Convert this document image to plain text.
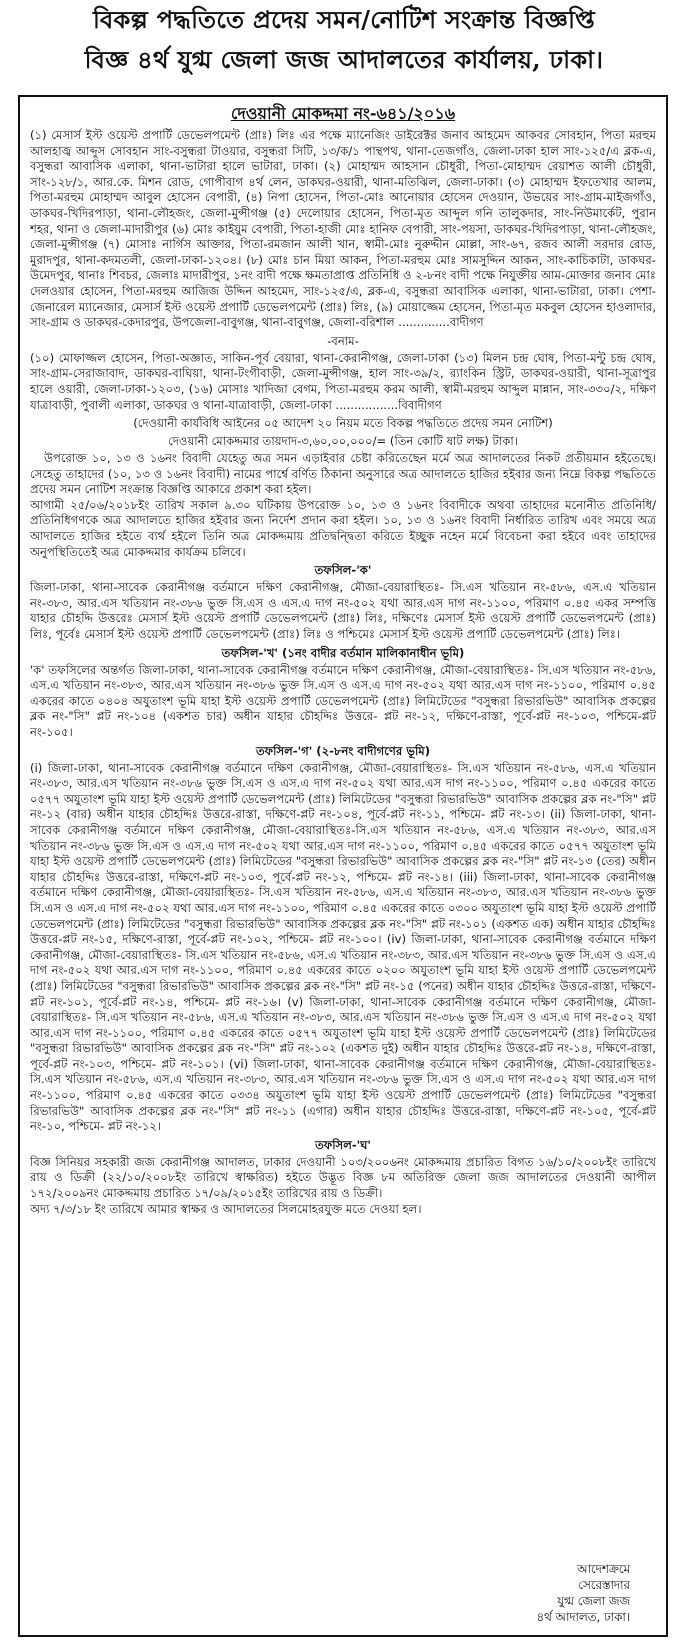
বিকল্প পদ্ধতিতে প্রদেয় সমন/নোটিশ সংক্রান্ত বিজ্ঞপ্তি
বিজ্ঞ ৪র্থ যুগ্ম জেলা জজ আদালতের কার্যালয়, ঢাকা।
দেওয়ানী মোকদ্দমা নং-৬৪১/২০১৬

(১) মেসার্স ইস্ট ওয়েস্ট প্রপার্টি ডেভেলপমেন্ট (প্রাঃ) লিঃ এর পক্ষে ম্যানেজিং ডাইরেক্টর জনাব আহমেদ আকবর সোবহান, পিতা মরহুম আলহাজ্ব আব্দুস সোবহান সাং-বসুন্ধরা টাওয়ার, বসুন্ধরা সিটি, ১৩/ক/১ পান্থপথ, থানা-তেজগাঁও, জেলা-ঢাকা হাল সাং-১২৫/এ ব্লক-এ, বসুন্ধরা আবাসিক এলাকা, থানা-ভাটারা হালে ভাটারা, ঢাকা। (২) মোহাম্মদ আহসান চৌধুরী, পিতা-মোহাম্মদ রেয়াশত আলী চৌধুরী, সাং-১২৮/১, আর.কে. মিশন রোড, গোপীবাগ ৪র্থ লেন, ডাকঘর-ওয়ারী, থানা-মতিঝিল, জেলা-ঢাকা। (৩) মোহাম্মদ ইফতেখার আলম, পিতা-মরহুম মোহাম্মদ আবুল হোসেন বেপারী, (৪) নিপা হোসেন, পিতা-মোঃ আনোয়ার হোসেন দেওয়ান, উভয়ের সাং-গ্রাম-মাইজগাঁও, ডাকঘর-খিদিরপাড়া, থানা-লৌহজং, জেলা-মুন্সীগঞ্জ (৫) দেলোয়ার হোসেন, পিতা-মৃত আব্দুল গনি তালুকদার, সাং-নিউমার্কেট, পুরান শহর, থানা ও জেলা-মাদারীপুর (৬) মোঃ কাইয়ুম বেপারী, পিতা-হাজী মোঃ হানিফ বেপারী, সাং-পয়সা, ডাকঘর-খিদিরপাড়া, থানা-লৌহজং, জেলা-মুন্সীগঞ্জ (৭) মোসাঃ নার্গিস আক্তার, পিতা-রমজান আলী খান, স্বামী-মোঃ নুরুদ্দীন মোল্লা, সাং-৬৭, রজব আলী সরদার রোড, মুরাদপুর, থানা-কদমতলী, জেলা-ঢাকা-১২০৪। (৮) মোঃ চান মিয়া আকন, পিতা-মরহুম মোঃ সামসুদ্দিন আকন, সাং-কাচিকাটা, ডাকঘর-উমেদপুর, থানাঃ শিবচর, জেলাঃ মাদারীপুর, ১নং বাদী পক্ষে ক্ষমতাপ্রাপ্ত প্রতিনিধি ও ২-৮নং বাদী পক্ষে নিযুক্তীয় আম-মোক্তার জনাব মোঃ দেলওয়ার হোসেন, পিতা-মরহুম আজিজ উদ্দিন আহমেদ, সাং-১২৫/এ, ব্লক-এ, বসুন্ধরা আবাসিক এলাকা, থানা-ভাটারা, ঢাকা। পেশা-জেনারেল ম্যানেজার, মেসার্স ইস্ট ওয়েস্ট প্রপার্টি ডেভেলপমেন্ট (প্রাঃ) লিঃ, (৯) মোয়াজ্জেম হোসেন, পিতা-মৃত মকবুল হোসেন হাওলাদার, সাং-গ্রাম ও ডাকঘর-কেদারপুর, উপজেলা-বাবুগঞ্জ, থানা-বাবুগঞ্জ, জেলা-বরিশাল ..............বাদীগণ

-বনাম-

(১০) মোফাজ্জল হোসেন, পিতা-অজ্ঞাত, সাকিন-পূর্ব বেয়ারা, থানা-কেরানীগঞ্জ, জেলা-ঢাকা (১৩) মিলন চন্দ্র ঘোষ, পিতা-মন্টু চন্দ্র ঘোষ, সাং-গ্রাম-সেরাজাবাদ, ডাকঘর-বাঘিয়া, থানা-টংগীবাড়ী, জেলা-মুন্সীগঞ্জ, হাল সাং-৩৯/২, র‍্যাংকিন স্ট্রিট, ডাকঘর-ওয়ারী, থানা-সূত্রাপুর হালে ওয়ারী, জেলা-ঢাকা-১২০৩, (১৬) মোসাঃ খাদিজা বেগম, পিতা-মরহুম করম আলী, স্বামী-মরহুম আব্দুল মান্নান, সাং-৩৩০/২, দক্ষিণ যাত্রাবাড়ী, পুবালী এলাকা, ডাকঘর ও থানা-যাত্রাবাড়ী, জেলা-ঢাকা .................বিবাদীগণ

(দেওয়ানী কার্যবিধি আইনের ০৫ আদেশ ২০ নিয়ম মতে বিকল্প পদ্ধতিতে প্রদেয় সমন নোটিশ)
দেওয়ানী মোকদ্দমার তায়দাদ-৩,৬০,০০,০০০/= (তিন কোটি ষাট লক্ষ) টাকা।

উপরোক্ত ১০, ১৩ ও ১৬নং বিবাদী যেহেতু অত্র সমন এড়াইবার চেষ্টা করিতেছেন মর্মে অত্র আদালতের নিকট প্রতীয়মান হইতেছে। সেহেতু তাহাদের (১০, ১৩ ও ১৬নং বিবাদী) নামের পার্শ্বে বর্ণিত ঠিকানা অনুসারে অত্র আদালতে হাজির হইবার জন্য নিম্নে বিকল্প পদ্ধতিতে প্রদেয় সমন নোটিশ সংক্রান্ত বিজ্ঞপ্তি আকারে প্রকাশ করা হইল।

আগামী ২৫/০৬/২০১৮ইং তারিখ সকাল ৯.৩০ ঘটিকায় উপরোক্ত ১০, ১৩ ও ১৬নং বিবাদীকে অথবা তাহাদের মনোনীত প্রতিনিধি/প্রতিনিধিগণকে অত্র আদালতে হাজির হইবার জন্য নির্দেশ প্রদান করা হইল। ১০, ১৩ ও ১৬নং বিবাদী নির্ধারিত তারিখ এবং সময়ে অত্র আদালতে হাজির হইতে ব্যর্থ হইলে তিনি অত্র মোকদ্দমায় প্রতিদ্বন্দ্বিতা করিতে ইচ্ছুক নহেন মর্মে বিবেচনা করা হইবে এবং তাহাদের অনুপস্থিতিতেই অত্র মোকদ্দমার কার্যক্রম চলিবে।

তফসিল-'ক'

জিলা-ঢাকা, থানা-সাবেক কেরানীগঞ্জ বর্তমানে দক্ষিণ কেরানীগঞ্জ, মৌজা-বেয়ারাস্থিতঃ- সি.এস খতিয়ান নং-৫৮৬, এস.এ খতিয়ান নং-৩৮৩, আর.এস খতিয়ান নং-৩৮৬ ভুক্ত সি.এস ও এস.এ দাগ নং-৫০২ যথা আর.এস দাগ নং-১১০০, পরিমাণ ০.৪৫ একর সম্পত্তি যাহার চৌহদ্দি উত্তরেঃ মেসার্স ইস্ট ওয়েস্ট প্রপার্টি ডেভেলপমেন্ট (প্রাঃ) লিঃ, দক্ষিণেঃ মেসার্স ইস্ট ওয়েস্ট প্রপার্টি ডেভেলপমেন্ট (প্রাঃ) লিঃ, পূর্বেঃ মেসার্স ইস্ট ওয়েস্ট প্রপার্টি ডেভেলপমেন্ট (প্রাঃ) লিঃ ও পশ্চিমেঃ মেসার্স ইস্ট ওয়েস্ট প্রপার্টি ডেভেলপমেন্ট (প্রাঃ) লিঃ।

তফসিল-'খ' (১নং বাদীর বর্তমান মালিকানাধীন ভূমি)

'ক' তফসিলের অন্তর্গত জিলা-ঢাকা, থানা-সাবেক কেরানীগঞ্জ বর্তমানে দক্ষিণ কেরানীগঞ্জ, মৌজা-বেয়ারাস্থিতঃ- সি.এস খতিয়ান নং-৫৮৬, এস.এ খতিয়ান নং-৩৮৩, আর.এস খতিয়ান নং-৩৮৬ ভুক্ত সি.এস ও এস.এ দাগ নং-৫০২ যথা আর.এস দাগ নং-১১০০, পরিমাণ ০.৪৫ একরের কাতে ০৪০৪ অযুতাংশ ভূমি যাহা ইস্ট ওয়েস্ট প্রপার্টি ডেভেলপমেন্ট (প্রাঃ) লিমিটেডের "বসুন্ধরা রিভারভিউ" আবাসিক প্রকল্পের ব্লক নং-"সি" প্লট নং-১০৪ (একশত চার) অধীন যাহার চৌহদ্দিঃ উত্তরে- প্লট নং-১২, দক্ষিণে-রাস্তা, পূর্বে-প্লট নং-১০৩, পশ্চিমে-প্লট নং-১০৫।

তফসিল-'গ' (২-৮নং বাদীগণের ভূমি)

(i) জিলা-ঢাকা, থানা-সাবেক কেরানীগঞ্জ বর্তমানে দক্ষিণ কেরানীগঞ্জ, মৌজা-বেয়ারাস্থিতঃ- সি.এস খতিয়ান নং-৫৮৬, এস.এ খতিয়ান নং-৩৮৩, আর.এস খতিয়ান নং-৩৮৬ ভুক্ত সি.এস ও এস.এ দাগ নং-৫০২ যথা আর.এস দাগ নং-১১০০, পরিমাণ ০.৪৫ একরের কাতে ০৫৭৭ অযুতাংশ ভূমি যাহা ইস্ট ওয়েস্ট প্রপার্টি ডেভেলপমেন্ট (প্রাঃ) লিমিটেডের "বসুন্ধরা রিভারভিউ" আবাসিক প্রকল্পের ব্লক নং-"সি" প্লট নং-১২ (বার) অধীন যাহার চৌহদ্দিঃ উত্তরে-রাস্তা, দক্ষিণে-প্লট নং-১০৪, পূর্বে-প্লট নং-১১, পশ্চিমে- প্লট নং-১৩। (ii) জিলা-ঢাকা, থানা-সাবেক কেরানীগঞ্জ বর্তমানে দক্ষিণ কেরানীগঞ্জ, মৌজা-বেয়ারাস্থিতঃ-সি.এস খতিয়ান নং-৫৮৬, এস.এ খতিয়ান নং-৩৮৩, আর.এস খতিয়ান নং-৩৮৬ ভুক্ত সি.এস ও এস.এ দাগ নং-৫০২ যথা আর.এস দাগ নং-১১০০, পরিমাণ ০.৪৫ একরের কাতে ০৫৭৭ অযুতাংশ ভূমি যাহা ইস্ট ওয়েস্ট প্রপার্টি ডেভেলপমেন্ট (প্রাঃ) লিমিটেডের "বসুন্ধরা রিভারভিউ" আবাসিক প্রকল্পের ব্লক নং-"সি" প্লট নং-১৩ (তের) অধীন যাহার চৌহদ্দিঃ উত্তরে-রাস্তা, দক্ষিণে-প্লট নং-১০৩, পূর্বে-প্লট নং-১২, পশ্চিমে- প্লট নং-১৪। (iii) জিলা-ঢাকা, থানা-সাবেক কেরানীগঞ্জ বর্তমানে দক্ষিণ কেরানীগঞ্জ, মৌজা-বেয়ারাস্থিতঃ- সি.এস খতিয়ান নং-৫৮৬, এস.এ খতিয়ান নং-৩৮৩, আর.এস খতিয়ান নং-৩৮৬ ভুক্ত সি.এস ও এস.এ দাগ নং-৫০২ যথা আর.এস দাগ নং-১১০০, পরিমাণ ০.৪৫ একরের কাতে ০৩০০ অযুতাংশ ভূমি যাহা ইস্ট ওয়েস্ট প্রপার্টি ডেভেলপমেন্ট (প্রাঃ) লিমিটেডের "বসুন্ধরা রিভারভিউ" আবাসিক প্রকল্পের ব্লক নং-"সি" প্লট নং-১০১ (একশত এক) অধীন যাহার চৌহদ্দিঃ উত্তরে-প্লট নং-১৫, দক্ষিণে-রাস্তা, পূর্বে-প্লট নং-১০২, পশ্চিমে- প্লট নং-১০০। (iv) জিলা-ঢাকা, থানা-সাবেক কেরানীগঞ্জ বর্তমানে দক্ষিণ কেরানীগঞ্জ, মৌজা-বেয়ারাস্থিতঃ- সি.এস খতিয়ান নং-৫৮৬, এস.এ খতিয়ান নং-৩৮৩, আর.এস খতিয়ান নং-৩৮৬ ভুক্ত সি.এস ও এস.এ দাগ নং-৫০২ যথা আর.এস দাগ নং-১১০০, পরিমাণ ০.৪৫ একরের কাতে ০২০০ অযুতাংশ ভূমি যাহা ইস্ট ওয়েস্ট প্রপার্টি ডেভেলপমেন্ট (প্রাঃ) লিমিটেডের "বসুন্ধরা রিভারভিউ" আবাসিক প্রকল্পের ব্লক নং-"সি" প্লট নং-১৫ (পনের) অধীন যাহার চৌহদ্দিঃ উত্তরে-রাস্তা, দক্ষিণে-প্লট নং-১০১, পূর্বে-প্লট নং-১৪, পশ্চিমে- প্লট নং-১৬। (v) জিলা-ঢাকা, থানা-সাবেক কেরানীগঞ্জ বর্তমানে দক্ষিণ কেরানীগঞ্জ, মৌজা-বেয়ারাস্থিতঃ- সি.এস খতিয়ান নং-৫৮৬, এস.এ খতিয়ান নং-৩৮৩, আর.এস খতিয়ান নং-৩৮৬ ভুক্ত সি.এস ও এস.এ দাগ নং-৫০২ যথা আর.এস দাগ নং-১১০০, পরিমাণ ০.৪৫ একরের কাতে ০৫৭৭ অযুতাংশ ভূমি যাহা ইস্ট ওয়েস্ট প্রপার্টি ডেভেলপমেন্ট (প্রাঃ) লিমিটেডের "বসুন্ধরা রিভারভিউ" আবাসিক প্রকল্পের ব্লক নং-"সি" প্লট নং-১০২ (একশত দুই) অধীন যাহার চৌহদ্দিঃ উত্তরে-প্লট নং-১৪, দক্ষিণে-রাস্তা, পূর্বে-প্লট নং-১০৩, পশ্চিমে- প্লট নং-১০১। (vi) জিলা-ঢাকা, থানা-সাবেক কেরানীগঞ্জ বর্তমানে দক্ষিণ কেরানীগঞ্জ, মৌজা-বেয়ারাস্থিতঃ-সি.এস খতিয়ান নং-৫৮৬, এস.এ খতিয়ান নং-৩৮৩, আর.এস খতিয়ান নং-৩৮৬ ভুক্ত সি.এস ও এস.এ দাগ নং-৫০২ যথা আর.এস দাগ নং-১১০০, পরিমাণ ০.৪৫ একরের কাতে ০৩৩৪ অযুতাংশ ভূমি যাহা ইস্ট ওয়েস্ট প্রপার্টি ডেভেলপমেন্ট (প্রাঃ) লিমিটেডের "বসুন্ধরা রিভারভিউ" আবাসিক প্রকল্পের ব্লক নং-"সি" প্লট নং-১১ (এগার) অধীন যাহার চৌহদ্দিঃ উত্তরে-রাস্তা, দক্ষিণে-প্লট নং-১০৫, পূর্বে-প্লট নং-১০, পশ্চিমে- প্লট নং-১২।

তফসিল-'ঘ'

বিজ্ঞ সিনিয়র সহকারী জজ কেরানীগঞ্জ আদালত, ঢাকার দেওয়ানী ১০৩/২০০৬নং মোকদ্দমায় প্রচারিত বিগত ১৬/১০/২০০৮ইং তারিখে রায় ও ডিক্রী (২২/১০/২০০৮ইং তারিখে স্বাক্ষরিত) হইতে উদ্ভূত বিজ্ঞ ৮ম অতিরিক্ত জেলা জজ আদালতের দেওয়ানী আপীল ১৭২/২০০৯নং মোকদ্দমায় প্রচারিত ১৭/০৯/২০১৫ইং তারিখের রায় ও ডিক্রী।

অদ্য ৭/৩/১৮ ইং তারিখে আমার স্বাক্ষর ও আদালতের সিলমোহরযুক্ত মতে দেওয়া হল।

আদেশক্রমে
সেরেস্তাদার
যুগ্ম জেলা জজ
৪র্থ আদালত, ঢাকা।
